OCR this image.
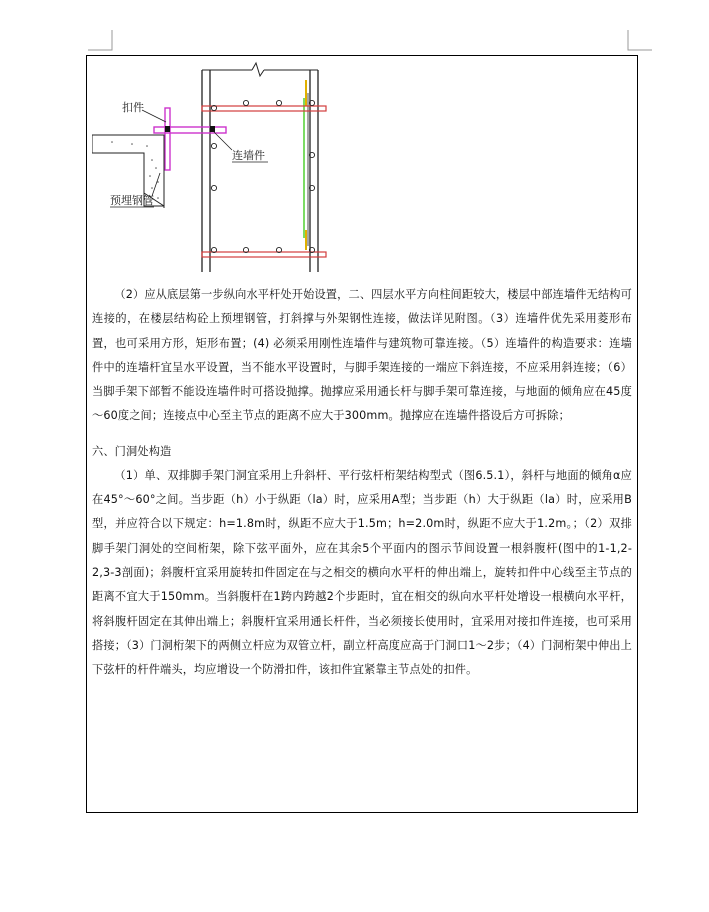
扣件
连墙件
预埋钢管

（2）应从底层第一步纵向水平杆处开始设置，二、四层水平方向柱间距较大，楼层中部连墙件无结构可连接的，在楼层结构砼上预埋钢管，打斜撑与外架钢性连接，做法详见附图。（3）连墙件优先采用菱形布置，也可采用方形，矩形布置；(4) 必须采用刚性连墙件与建筑物可靠连接。（5）连墙件的构造要求：连墙件中的连墙杆宜呈水平设置，当不能水平设置时，与脚手架连接的一端应下斜连接，不应采用斜连接；（6）当脚手架下部暂不能设连墙件时可搭设抛撑。抛撑应采用通长杆与脚手架可靠连接，与地面的倾角应在45度～60度之间；连接点中心至主节点的距离不应大于300mm。抛撑应在连墙件搭设后方可拆除；

六、门洞处构造

（1）单、双排脚手架门洞宜采用上升斜杆、平行弦杆桁架结构型式（图6.5.1），斜杆与地面的倾角α应在45°～60°之间。当步距（h）小于纵距（la）时，应采用A型；当步距（h）大于纵距（la）时，应采用B型，并应符合以下规定：h=1.8m时，纵距不应大于1.5m；h=2.0m时，纵距不应大于1.2m。；（2）双排脚手架门洞处的空间桁架，除下弦平面外，应在其余5个平面内的图示节间设置一根斜腹杆(图中的1-1,2-2,3-3剖面)；斜腹杆宜采用旋转扣件固定在与之相交的横向水平杆的伸出端上，旋转扣件中心线至主节点的距离不宜大于150mm。当斜腹杆在1跨内跨越2个步距时，宜在相交的纵向水平杆处增设一根横向水平杆，将斜腹杆固定在其伸出端上；斜腹杆宜采用通长杆件，当必须接长使用时，宜采用对接扣件连接，也可采用搭接；（3）门洞桁架下的两侧立杆应为双管立杆，副立杆高度应高于门洞口1～2步；（4）门洞桁架中伸出上下弦杆的杆件端头，均应增设一个防滑扣件，该扣件宜紧靠主节点处的扣件。
